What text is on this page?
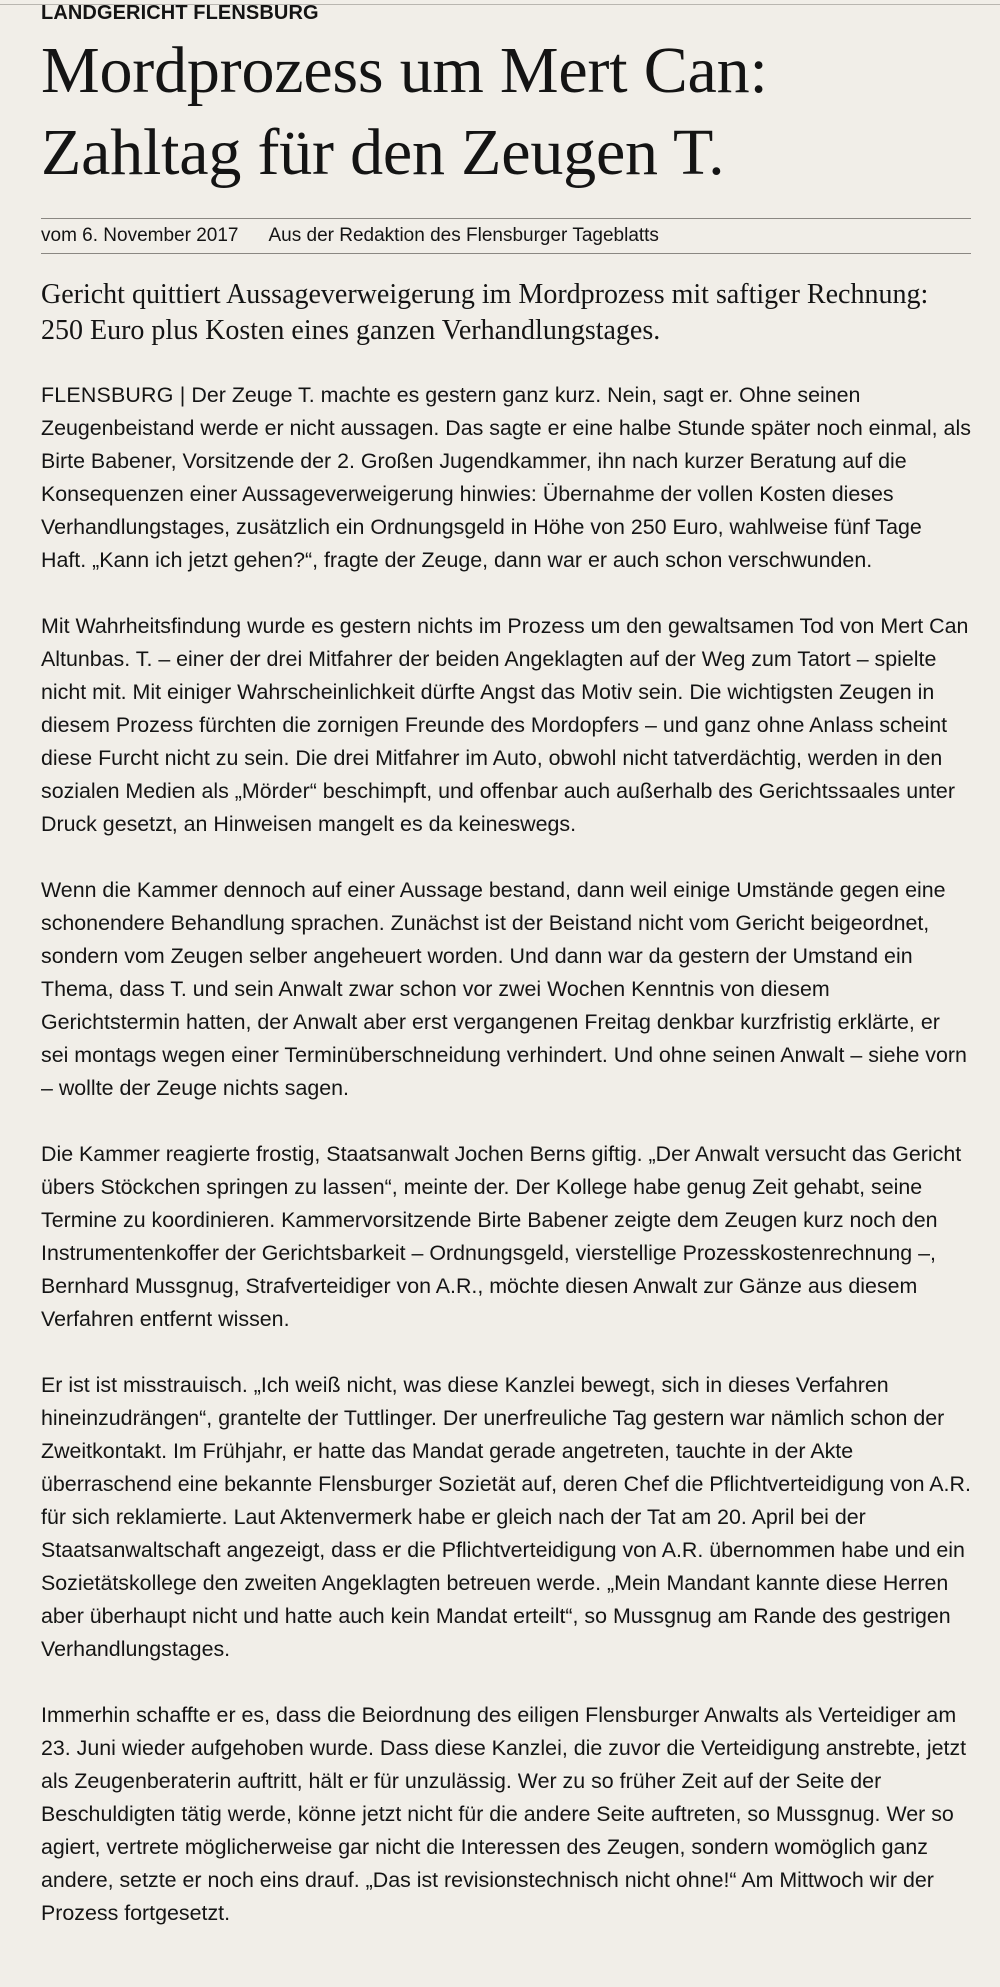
LANDGERICHT FLENSBURG
Mordprozess um Mert Can:
Zahltag für den Zeugen T.
vom 6. November 2017 Aus der Redaktion des Flensburger Tageblatts

Gericht quittiert Aussageverweigerung im Mordprozess mit saftiger Rechnung: 250 Euro plus Kosten eines ganzen Verhandlungstages.

FLENSBURG | Der Zeuge T. machte es gestern ganz kurz. Nein, sagt er. Ohne seinen Zeugenbeistand werde er nicht aussagen. Das sagte er eine halbe Stunde später noch einmal, als Birte Babener, Vorsitzende der 2. Großen Jugendkammer, ihn nach kurzer Beratung auf die Konsequenzen einer Aussageverweigerung hinwies: Übernahme der vollen Kosten dieses Verhandlungstages, zusätzlich ein Ordnungsgeld in Höhe von 250 Euro, wahlweise fünf Tage Haft. „Kann ich jetzt gehen?“, fragte der Zeuge, dann war er auch schon verschwunden.

Mit Wahrheitsfindung wurde es gestern nichts im Prozess um den gewaltsamen Tod von Mert Can Altunbas. T. – einer der drei Mitfahrer der beiden Angeklagten auf der Weg zum Tatort – spielte nicht mit. Mit einiger Wahrscheinlichkeit dürfte Angst das Motiv sein. Die wichtigsten Zeugen in diesem Prozess fürchten die zornigen Freunde des Mordopfers – und ganz ohne Anlass scheint diese Furcht nicht zu sein. Die drei Mitfahrer im Auto, obwohl nicht tatverdächtig, werden in den sozialen Medien als „Mörder“ beschimpft, und offenbar auch außerhalb des Gerichtssaales unter Druck gesetzt, an Hinweisen mangelt es da keineswegs.

Wenn die Kammer dennoch auf einer Aussage bestand, dann weil einige Umstände gegen eine schonendere Behandlung sprachen. Zunächst ist der Beistand nicht vom Gericht beigeordnet, sondern vom Zeugen selber angeheuert worden. Und dann war da gestern der Umstand ein Thema, dass T. und sein Anwalt zwar schon vor zwei Wochen Kenntnis von diesem Gerichtstermin hatten, der Anwalt aber erst vergangenen Freitag denkbar kurzfristig erklärte, er sei montags wegen einer Terminüberschneidung verhindert. Und ohne seinen Anwalt – siehe vorn – wollte der Zeuge nichts sagen.

Die Kammer reagierte frostig, Staatsanwalt Jochen Berns giftig. „Der Anwalt versucht das Gericht übers Stöckchen springen zu lassen“, meinte der. Der Kollege habe genug Zeit gehabt, seine Termine zu koordinieren. Kammervorsitzende Birte Babener zeigte dem Zeugen kurz noch den Instrumentenkoffer der Gerichtsbarkeit – Ordnungsgeld, vierstellige Prozesskostenrechnung –, Bernhard Mussgnug, Strafverteidiger von A.R., möchte diesen Anwalt zur Gänze aus diesem Verfahren entfernt wissen.

Er ist ist misstrauisch. „Ich weiß nicht, was diese Kanzlei bewegt, sich in dieses Verfahren hineinzudrängen“, grantelte der Tuttlinger. Der unerfreuliche Tag gestern war nämlich schon der Zweitkontakt. Im Frühjahr, er hatte das Mandat gerade angetreten, tauchte in der Akte überraschend eine bekannte Flensburger Sozietät auf, deren Chef die Pflichtverteidigung von A.R. für sich reklamierte. Laut Aktenvermerk habe er gleich nach der Tat am 20. April bei der Staatsanwaltschaft angezeigt, dass er die Pflichtverteidigung von A.R. übernommen habe und ein Sozietätskollege den zweiten Angeklagten betreuen werde. „Mein Mandant kannte diese Herren aber überhaupt nicht und hatte auch kein Mandat erteilt“, so Mussgnug am Rande des gestrigen Verhandlungstages.

Immerhin schaffte er es, dass die Beiordnung des eiligen Flensburger Anwalts als Verteidiger am 23. Juni wieder aufgehoben wurde. Dass diese Kanzlei, die zuvor die Verteidigung anstrebte, jetzt als Zeugenberaterin auftritt, hält er für unzulässig. Wer zu so früher Zeit auf der Seite der Beschuldigten tätig werde, könne jetzt nicht für die andere Seite auftreten, so Mussgnug. Wer so agiert, vertrete möglicherweise gar nicht die Interessen des Zeugen, sondern womöglich ganz andere, setzte er noch eins drauf. „Das ist revisionstechnisch nicht ohne!“ Am Mittwoch wir der Prozess fortgesetzt.
